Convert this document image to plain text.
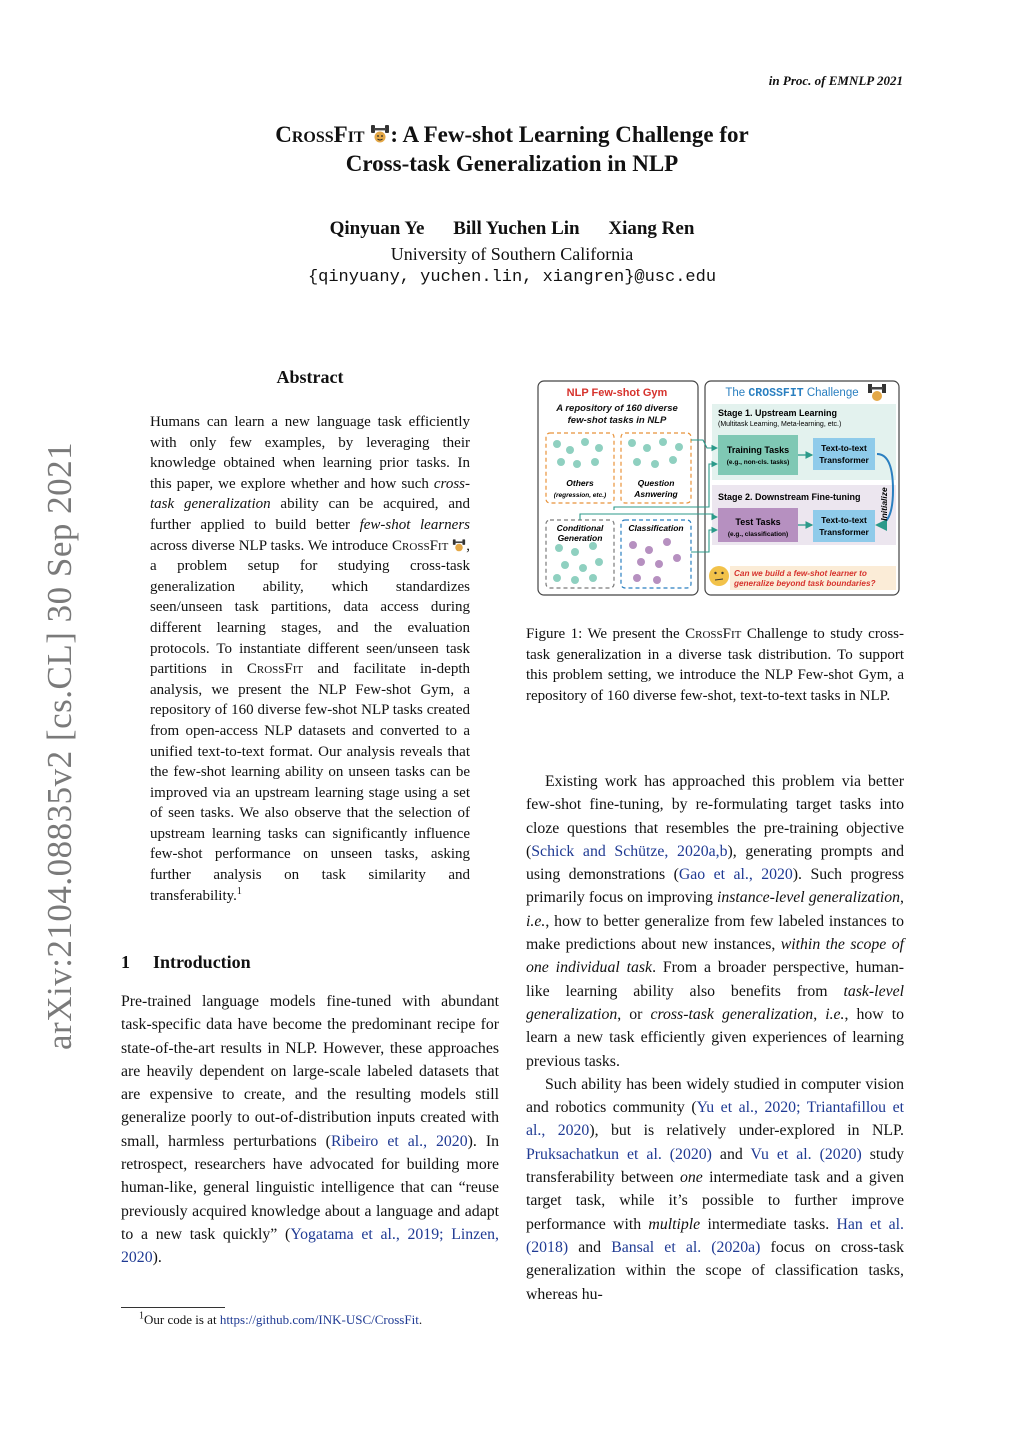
in Proc. of EMNLP 2021
CrossFit : A Few-shot Learning Challenge for
Cross-task Generalization in NLP
Qinyuan Ye Bill Yuchen Lin Xiang Ren
University of Southern California
{qinyuany, yuchen.lin, xiangren}@usc.edu
arXiv:2104.08835v2 [cs.CL] 30 Sep 2021
Abstract
Humans can learn a new language task efficiently with only few examples, by leveraging their knowledge obtained when learning prior tasks. In this paper, we explore whether and how such cross-task generalization ability can be acquired, and further applied to build better few-shot learners across diverse NLP tasks. We introduce CrossFit , a problem setup for studying cross-task generalization ability, which standardizes seen/unseen task partitions, data access during different learning stages, and the evaluation protocols. To instantiate different seen/unseen task partitions in CrossFit and facilitate in-depth analysis, we present the NLP Few-shot Gym, a repository of 160 diverse few-shot NLP tasks created from open-access NLP datasets and converted to a unified text-to-text format. Our analysis reveals that the few-shot learning ability on unseen tasks can be improved via an upstream learning stage using a set of seen tasks. We also observe that the selection of upstream learning tasks can significantly influence few-shot performance on unseen tasks, asking further analysis on task similarity and transferability.$^1$
1 Introduction

Pre-trained language models fine-tuned with abundant task-specific data have become the predominant recipe for state-of-the-art results in NLP. However, these approaches are heavily dependent on large-scale labeled datasets that are expensive to create, and the resulting models still generalize poorly to out-of-distribution inputs created with small, harmless perturbations (Ribeiro et al., 2020). In retrospect, researchers have advocated for building more human-like, general linguistic intelligence that can “reuse previously acquired knowledge about a language and adapt to a new task quickly” (Yogatama et al., 2019; Linzen, 2020).

$^1$Our code is at https://github.com/INK-USC/CrossFit.
NLP Few-shot Gym
A repository of 160 diverse
few-shot tasks in NLP
Others
(regression, etc.)
Question
Asnwering
Conditional
Generation
Classification
The CROSSFIT Challenge
Stage 1. Upstream Learning
(Multitask Learning, Meta-learning, etc.)
Training Tasks
(e.g., non-cls. tasks)
Text-to-text
Transformer
Stage 2. Downstream Fine-tuning
Test Tasks
(e.g., classification)
Text-to-text
Transformer
Initialize
Can we build a few-shot learner to
generalize beyond task boundaries?
Figure 1: We present the CrossFit Challenge to study cross-task generalization in a diverse task distribution. To support this problem setting, we introduce the NLP Few-shot Gym, a repository of 160 diverse few-shot, text-to-text tasks in NLP.

Existing work has approached this problem via better few-shot fine-tuning, by re-formulating target tasks into cloze questions that resembles the pre-training objective (Schick and Schütze, 2020a,b), generating prompts and using demonstrations (Gao et al., 2020). Such progress primarily focus on improving instance-level generalization, i.e., how to better generalize from few labeled instances to make predictions about new instances, within the scope of one individual task. From a broader perspective, human-like learning ability also benefits from task-level generalization, or cross-task generalization, i.e., how to learn a new task efficiently given experiences of learning previous tasks.

Such ability has been widely studied in computer vision and robotics community (Yu et al., 2020; Triantafillou et al., 2020), but is relatively under-explored in NLP. Pruksachatkun et al. (2020) and Vu et al. (2020) study transferability between one intermediate task and a given target task, while it’s possible to further improve performance with multiple intermediate tasks. Han et al. (2018) and Bansal et al. (2020a) focus on cross-task generalization within the scope of classification tasks, whereas hu-
